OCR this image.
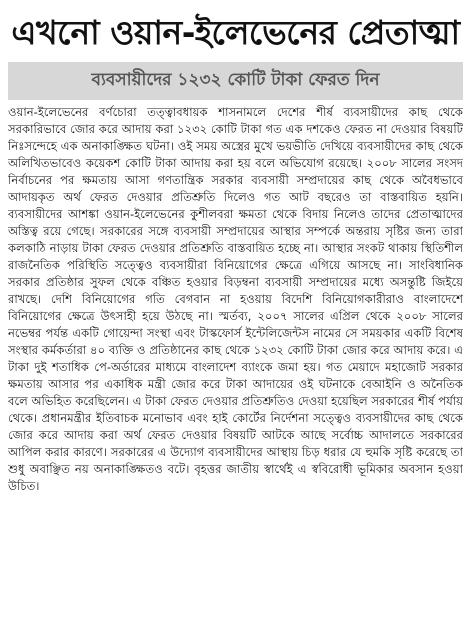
এখনো ওয়ান-ইলেভেনের প্রেতাত্মা
ব্যবসায়ীদের ১২৩২ কোটি টাকা ফেরত দিন

ওয়ান-ইলেভেনের বর্ণচোরা তত্ত্বাবধায়ক শাসনামলে দেশের শীর্ষ ব্যবসায়ীদের কাছ থেকে সরকারিভাবে জোর করে আদায় করা ১২৩২ কোটি টাকা গত এক দশকেও ফেরত না দেওয়ার বিষয়টি নিঃসন্দেহে এক অনাকাঙ্ক্ষিত ঘটনা। ওই সময় অস্ত্রের মুখে ভয়ভীতি দেখিয়ে ব্যবসায়ীদের কাছ থেকে অলিখিতভাবেও কয়েকশ কোটি টাকা আদায় করা হয় বলে অভিযোগ রয়েছে। ২০০৮ সালের সংসদ নির্বাচনের পর ক্ষমতায় আসা গণতান্ত্রিক সরকার ব্যবসায়ী সম্প্রদায়ের কাছ থেকে অবৈধভাবে আদায়কৃত অর্থ ফেরত দেওয়ার প্রতিশ্রুতি দিলেও গত আট বছরেও তা বাস্তবায়িত হয়নি। ব্যবসায়ীদের আশঙ্কা ওয়ান-ইলেভেনের কুশীলবরা ক্ষমতা থেকে বিদায় নিলেও তাদের প্রেতাত্মাদের অস্তিত্ব রয়ে গেছে। সরকারের সঙ্গে ব্যবসায়ী সম্প্রদায়ের আস্থার সম্পর্কে অন্তরায় সৃষ্টির জন্য তারা কলকাঠি নাড়ায় টাকা ফেরত দেওয়ার প্রতিশ্রুতি বাস্তবায়িত হচ্ছে না। আস্থার সংকট থাকায় স্থিতিশীল রাজনৈতিক পরিস্থিতি সত্ত্বেও ব্যবসায়ীরা বিনিয়োগের ক্ষেত্রে এগিয়ে আসছে না। সাংবিধানিক সরকার প্রতিষ্ঠার সুফল থেকে বঞ্চিত হওয়ার বিড়ম্বনা ব্যবসায়ী সম্প্রদায়ের মধ্যে অসন্তুষ্টি জিইয়ে রাখছে। দেশি বিনিয়োগের গতি বেগবান না হওয়ায় বিদেশি বিনিয়োগকারীরাও বাংলাদেশে বিনিয়োগের ক্ষেত্রে উৎসাহী হয়ে উঠছে না। স্মর্তব্য, ২০০৭ সালের এপ্রিল থেকে ২০০৮ সালের নভেম্বর পর্যন্ত একটি গোয়েন্দা সংস্থা এবং টাস্কফোর্স ইন্টেলিজেন্টস নামের সে সময়কার একটি বিশেষ সংস্থার কর্মকর্তারা ৪০ ব্যক্তি ও প্রতিষ্ঠানের কাছ থেকে ১২৩২ কোটি টাকা জোর করে আদায় করে। এ টাকা দুই শতাধিক পে-অর্ডারের মাধ্যমে বাংলাদেশ ব্যাংকে জমা হয়। গত মেয়াদে মহাজোট সরকার ক্ষমতায় আসার পর একাধিক মন্ত্রী জোর করে টাকা আদায়ের ওই ঘটনাকে বেআইনি ও অনৈতিক বলে অভিহিত করেছিলেন। এ টাকা ফেরত দেওয়ার প্রতিশ্রুতিও দেওয়া হয়েছিল সরকারের শীর্ষ পর্যায় থেকে। প্রধানমন্ত্রীর ইতিবাচক মনোভাব এবং হাই কোর্টের নির্দেশনা সত্ত্বেও ব্যবসায়ীদের কাছ থেকে জোর করে আদায় করা অর্থ ফেরত দেওয়ার বিষয়টি আটকে আছে সর্বোচ্চ আদালতে সরকারের আপিল করার কারণে। সরকারের এ উদ্যোগ ব্যবসায়ীদের আস্থায় চিড় ধরার যে হুমকি সৃষ্টি করেছে তা শুধু অবাঞ্ছিত নয় অনাকাঙ্ক্ষিতও বটে। বৃহত্তর জাতীয় স্বার্থেই এ স্ববিরোধী ভূমিকার অবসান হওয়া উচিত।
